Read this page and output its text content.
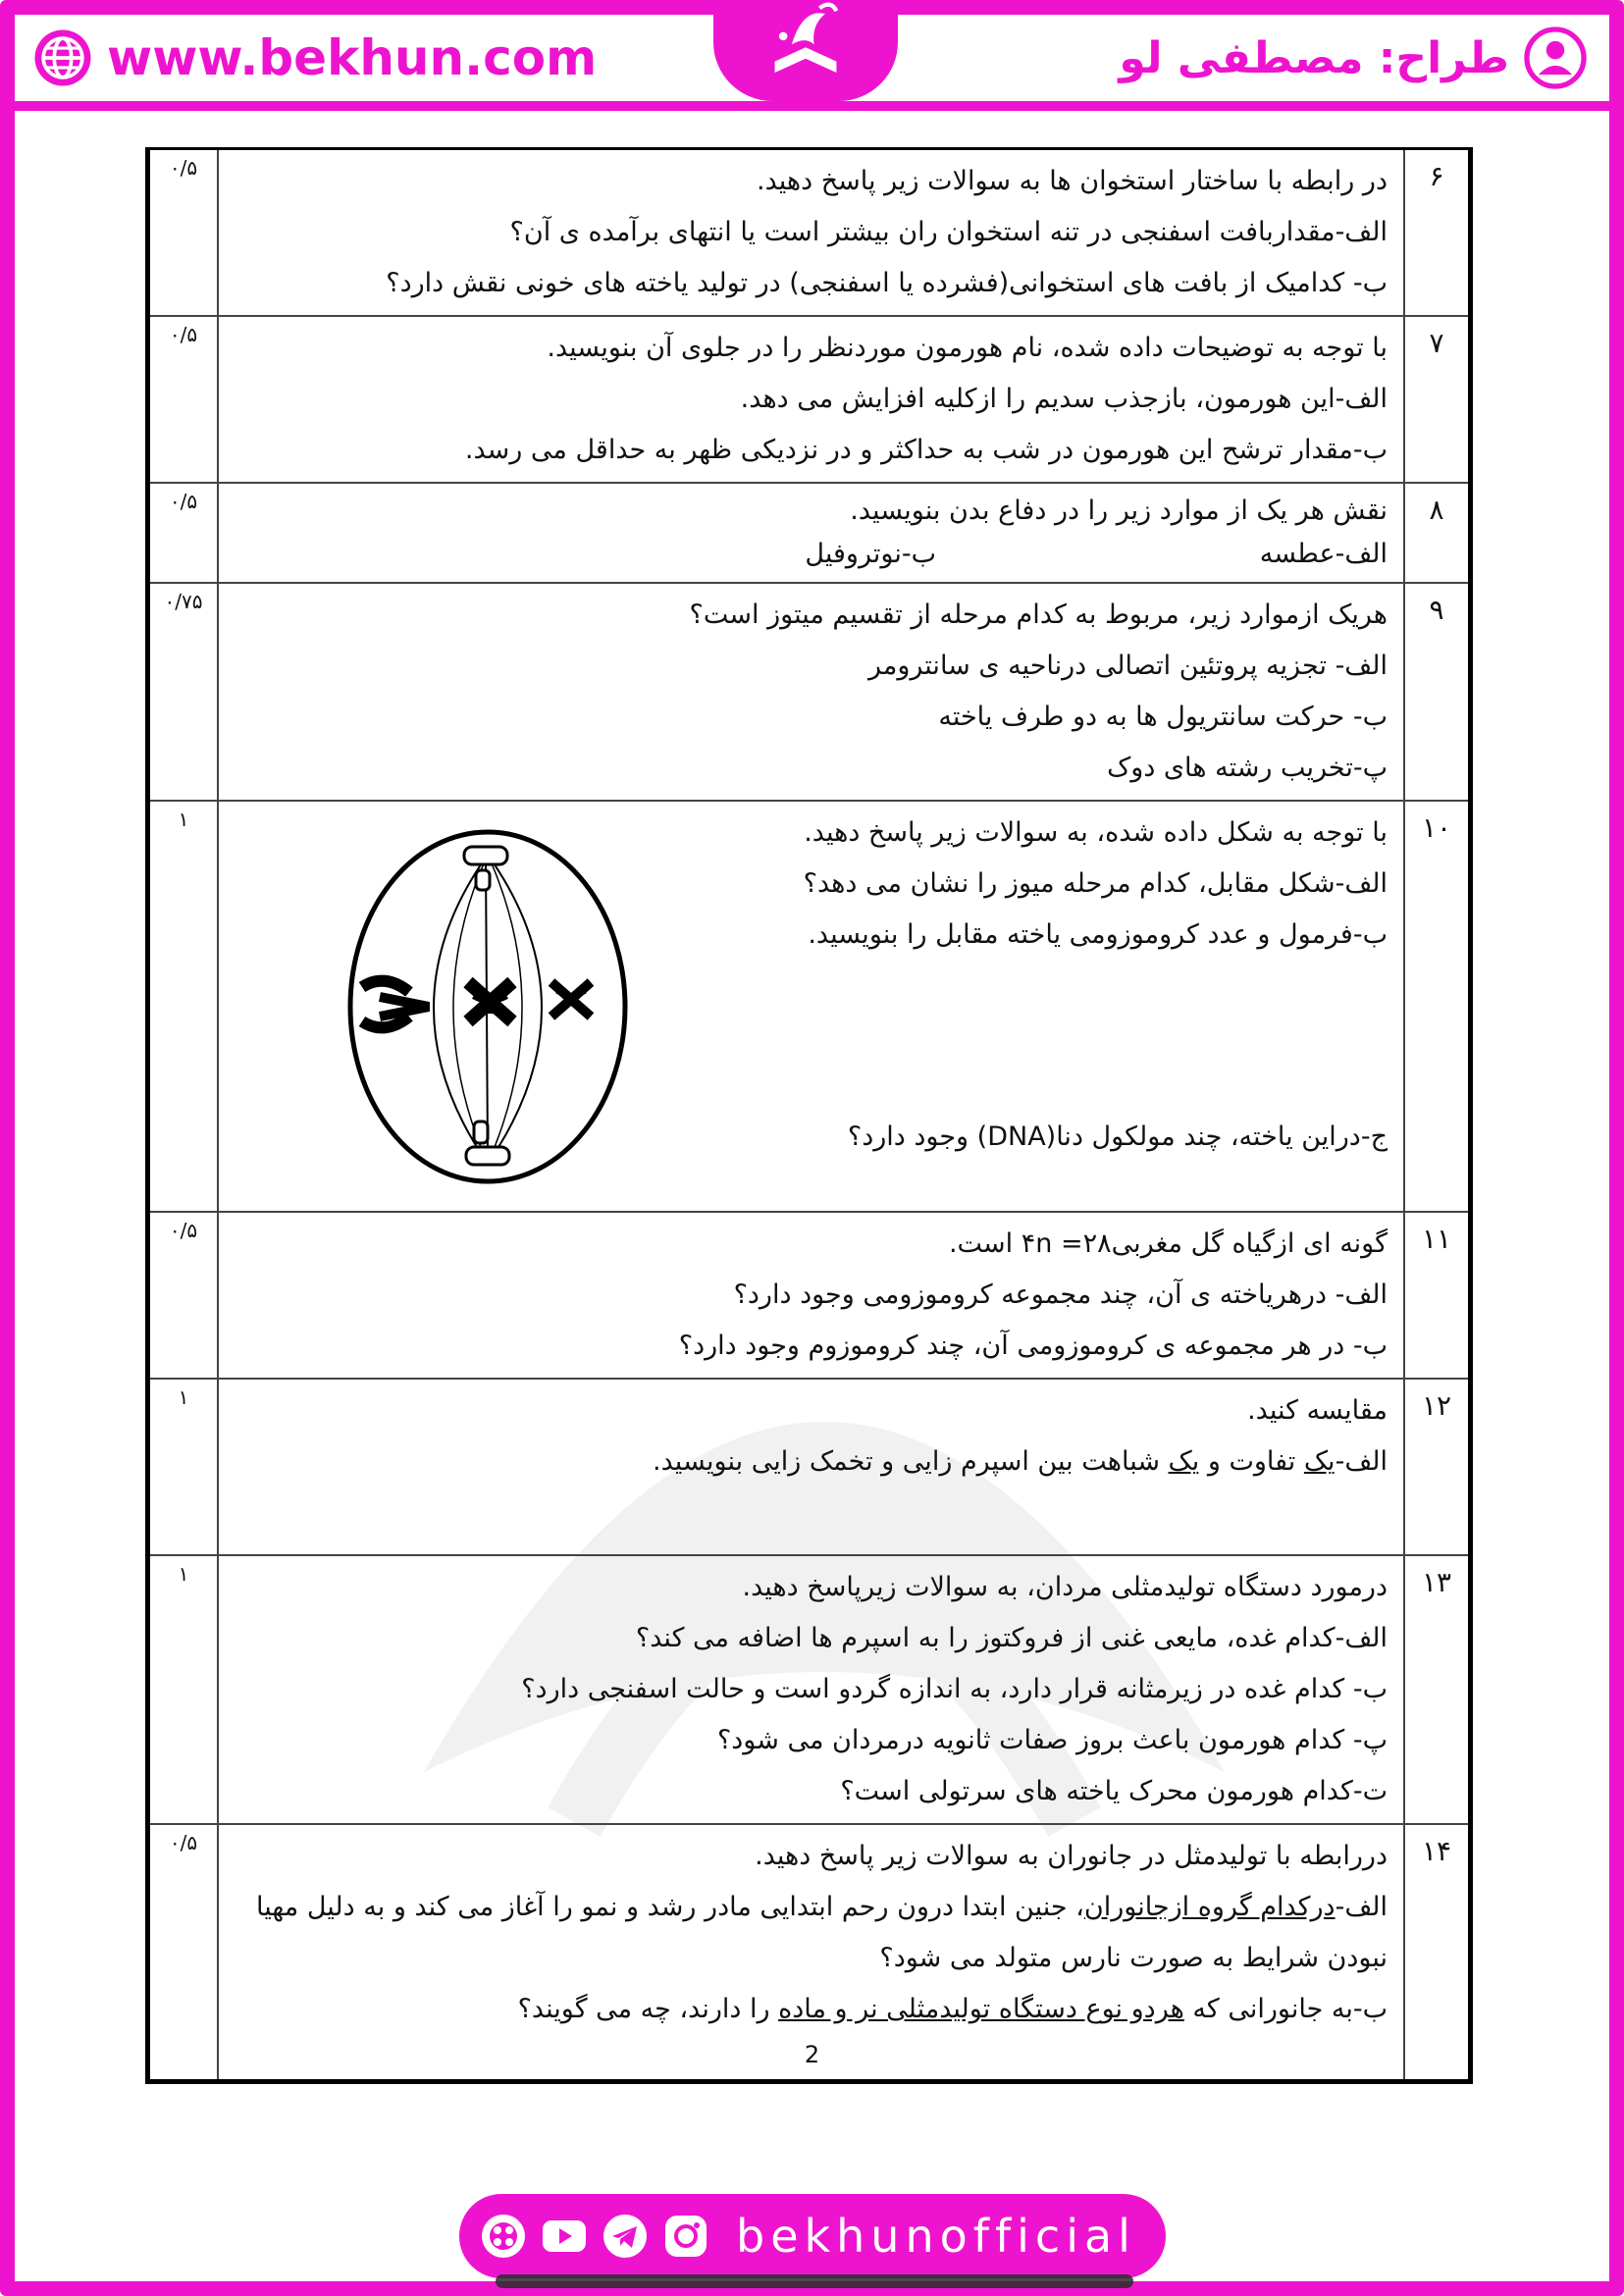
www.bekhun.com	طراح: مصطفی لو
۶	در رابطه با ساختار استخوان ها به سوالات زیر پاسخ دهید.
الف-مقداربافت اسفنجی در تنه استخوان ران بیشتر است یا انتهای برآمده ی آن؟
ب- کدامیک از بافت های استخوانی(فشرده یا اسفنجی) در تولید یاخته های خونی نقش دارد؟	۰/۵
۷	با توجه به توضیحات داده شده، نام هورمون موردنظر را در جلوی آن بنویسید.
الف-این هورمون، بازجذب سدیم را ازکلیه افزایش می دهد.
ب-مقدار ترشح این هورمون در شب به حداکثر و در نزدیکی ظهر به حداقل می رسد.	۰/۵
۸	نقش هر یک از موارد زیر را در دفاع بدن بنویسید.
الف-عطسه
ب-نوتروفیل	۰/۵
۹	هریک ازموارد زیر، مربوط به کدام مرحله از تقسیم میتوز است؟
الف- تجزیه پروتئین اتصالی درناحیه ی سانترومر
ب- حرکت سانتریول ها به دو طرف یاخته
پ-تخریب رشته های دوک	۰/۷۵
۱۰	با توجه به شکل داده شده، به سوالات زیر پاسخ دهید.
الف-شکل مقابل، کدام مرحله میوز را نشان می دهد؟
ب-فرمول و عدد کروموزومی یاخته مقابل را بنویسید.
ج-دراین یاخته، چند مولکول دنا(DNA) وجود دارد؟	۱
۱۱	گونه ای ازگیاه گل مغربی۲۸= ۴n است.
الف- درهریاخته ی آن، چند مجموعه کروموزومی وجود دارد؟
ب- در هر مجموعه ی کروموزومی آن، چند کروموزوم وجود دارد؟	۰/۵
۱۲	مقایسه کنید.
الف-یک تفاوت و یک شباهت بین اسپرم زایی و تخمک زایی بنویسید.	۱
۱۳	درمورد دستگاه تولیدمثلی مردان، به سوالات زیرپاسخ دهید.
الف-کدام غده، مایعی غنی از فروکتوز را به اسپرم ها اضافه می کند؟
ب- کدام غده در زیرمثانه قرار دارد، به اندازه گردو است و حالت اسفنجی دارد؟
پ- کدام هورمون باعث بروز صفات ثانویه درمردان می شود؟
ت-کدام هورمون محرک یاخته های سرتولی است؟	۱
۱۴	دررابطه با تولیدمثل در جانوران به سوالات زیر پاسخ دهید.
الف-درکدام گروه ازجانوران، جنین ابتدا درون رحم ابتدایی مادر رشد و نمو را آغاز می کند و به دلیل مهیا نبودن شرایط به صورت نارس متولد می شود؟
ب-به جانورانی که هردو نوع دستگاه تولیدمثلی نر و ماده را دارند، چه می گویند؟	۰/۵
2
bekhunofficial
